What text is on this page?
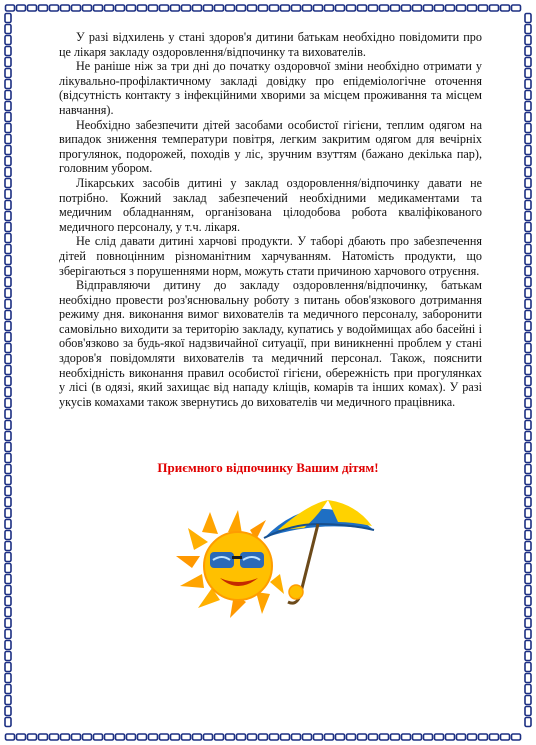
У разі відхилень у стані здоров'я дитини батькам необхідно повідомити про це лікаря закладу оздоровлення/відпочинку та вихователів.

Не раніше ніж за три дні до початку оздоровчої зміни необхідно отримати у лікувально-профілактичному закладі довідку про епідеміологічне оточення (відсутність контакту з інфекційними хворими за місцем проживання та місцем навчання).

Необхідно забезпечити дітей засобами особистої гігієни, теплим одягом на випадок зниження температури повітря, легким закритим одягом для вечірніх прогулянок, подорожей, походів у ліс, зручним взуттям (бажано декілька пар), головним убором.

Лікарських засобів дитині у заклад оздоровлення/відпочинку давати не потрібно. Кожний заклад забезпечений необхідними медикаментами та медичним обладнанням, організована цілодобова робота кваліфікованого медичного персоналу, у т.ч. лікаря.

Не слід давати дитині харчові продукти. У таборі дбають про забезпечення дітей повноцінним різноманітним харчуванням. Натомість продукти, що зберігаються з порушеннями норм, можуть стати причиною харчового отруєння.

Відправляючи дитину до закладу оздоровлення/відпочинку, батькам необхідно провести роз'яснювальну роботу з питань обов'язкового дотримання режиму дня. виконання вимог вихователів та медичного персоналу, заборонити самовільно виходити за територію закладу, купатись у водоймищах або басейні і обов'язково за будь-якої надзвичайної ситуації, при виникненні проблем у стані здоров'я повідомляти вихователів та медичний персонал. Також, пояснити необхідність виконання правил особистої гігієни, обережність при прогулянках у лісі (в одязі, який захищає від нападу кліщів, комарів та інших комах). У разі укусів комахами також звернутись до вихователів чи медичного працівника.

Приємного відпочинку Вашим дітям!
